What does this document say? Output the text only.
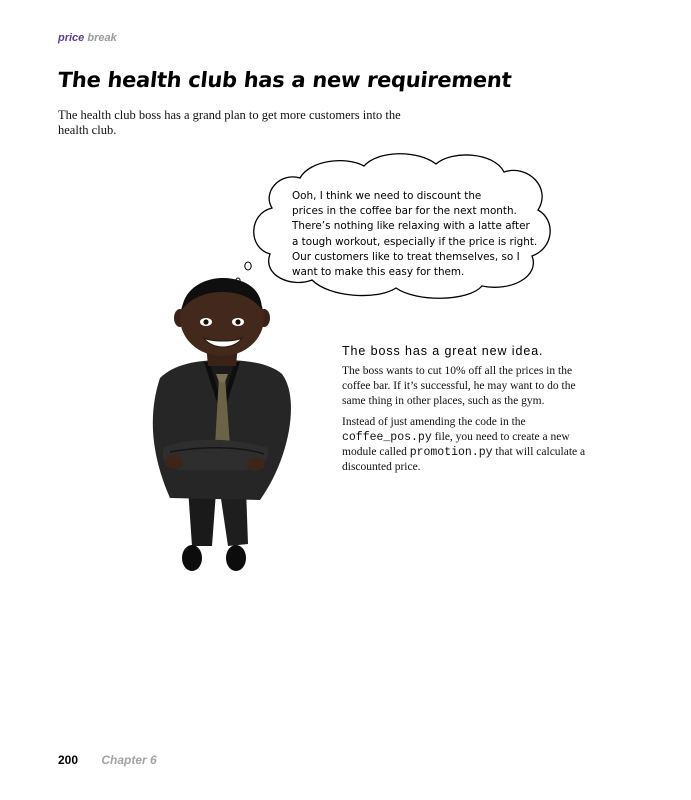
price break
The health club has a new requirement

The health club boss has a grand plan to get more customers into the health club.

Ooh, I think we need to discount the
prices in the coffee bar for the next month.
There’s nothing like relaxing with a latte after
a tough workout, especially if the price is right.
Our customers like to treat themselves, so I
want to make this easy for them.

The boss has a great new idea.

The boss wants to cut 10% off all the prices in the coffee bar. If it’s successful, he may want to do the same thing in other places, such as the gym.

Instead of just amending the code in the coffee_pos.py file, you need to create a new module called promotion.py that will calculate a discounted price.

200 Chapter 6
